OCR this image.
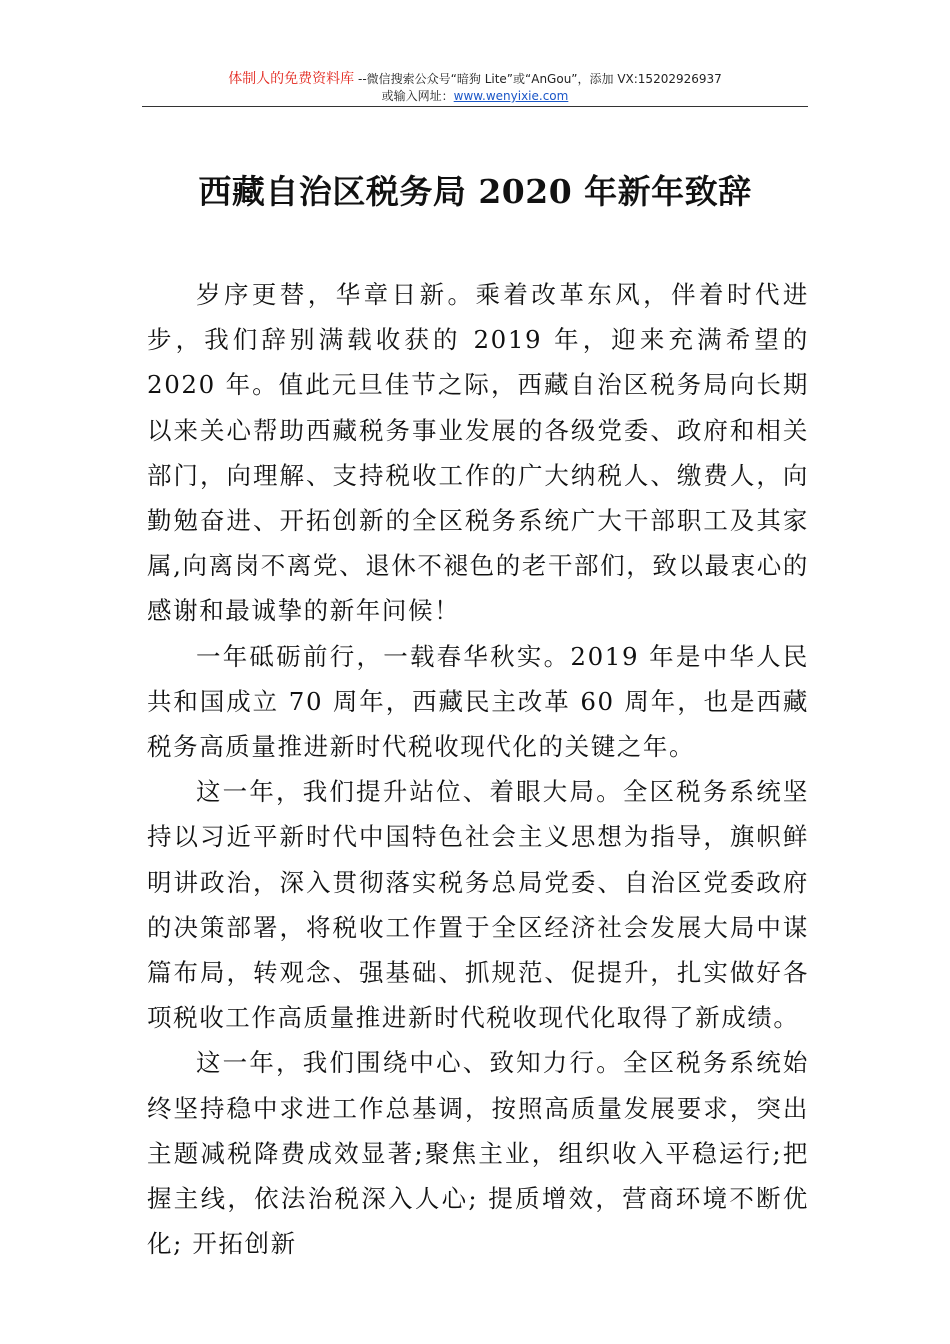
体制人的免费资料库 --微信搜索公众号“暗狗 Lite”或“AnGou”，添加 VX:15202926937
或输入网址：www.wenyixie.com
西藏自治区税务局 2020 年新年致辞

岁序更替，华章日新。乘着改革东风，伴着时代进步，我们辞别满载收获的 2019 年，迎来充满希望的 2020 年。值此元旦佳节之际，西藏自治区税务局向长期以来关心帮助西藏税务事业发展的各级党委、政府和相关部门，向理解、支持税收工作的广大纳税人、缴费人，向勤勉奋进、开拓创新的全区税务系统广大干部职工及其家属,向离岗不离党、退休不褪色的老干部们，致以最衷心的感谢和最诚挚的新年问候！

一年砥砺前行，一载春华秋实。2019 年是中华人民共和国成立 70 周年，西藏民主改革 60 周年，也是西藏税务高质量推进新时代税收现代化的关键之年。

这一年，我们提升站位、着眼大局。全区税务系统坚持以习近平新时代中国特色社会主义思想为指导，旗帜鲜明讲政治，深入贯彻落实税务总局党委、自治区党委政府的决策部署，将税收工作置于全区经济社会发展大局中谋篇布局，转观念、强基础、抓规范、促提升，扎实做好各项税收工作高质量推进新时代税收现代化取得了新成绩。

这一年，我们围绕中心、致知力行。全区税务系统始终坚持稳中求进工作总基调，按照高质量发展要求，突出主题减税降费成效显著;聚焦主业，组织收入平稳运行;把握主线，依法治税深入人心; 提质增效，营商环境不断优化; 开拓创新
